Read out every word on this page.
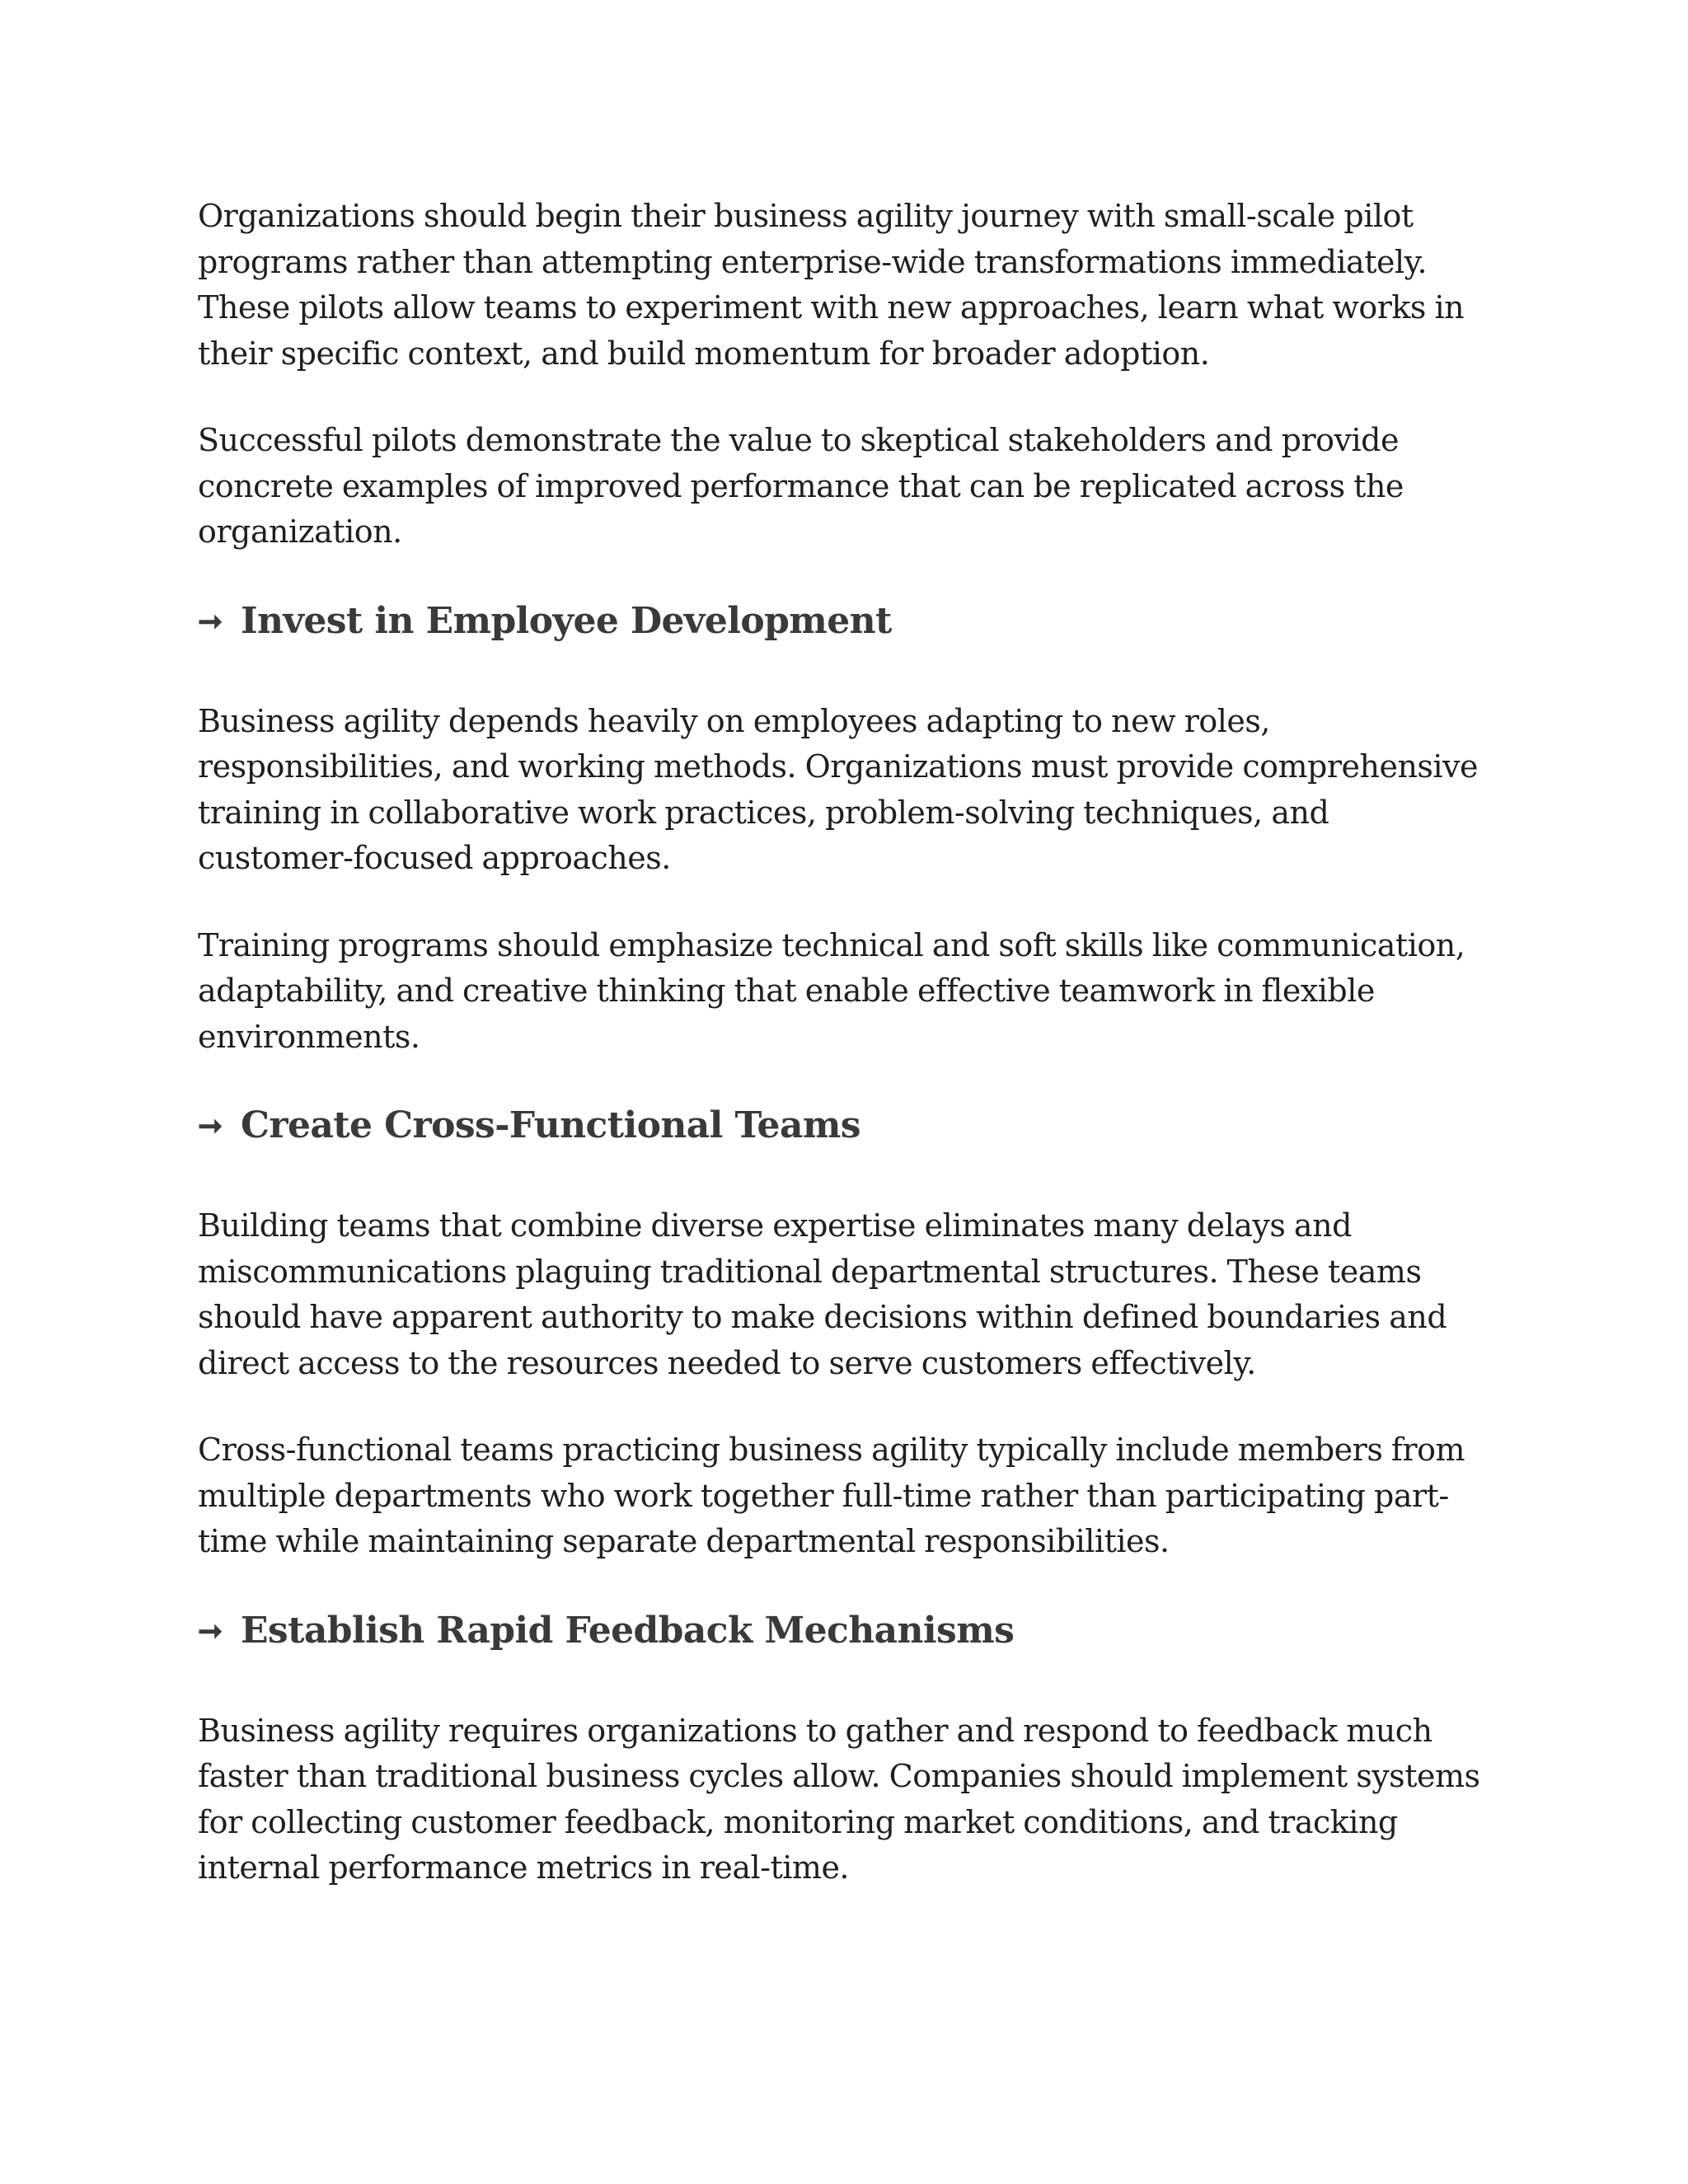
Organizations should begin their business agility journey with small-scale pilot programs rather than attempting enterprise-wide transformations immediately. These pilots allow teams to experiment with new approaches, learn what works in their specific context, and build momentum for broader adoption.

Successful pilots demonstrate the value to skeptical stakeholders and provide concrete examples of improved performance that can be replicated across the organization.

➞ Invest in Employee Development

Business agility depends heavily on employees adapting to new roles, responsibilities, and working methods. Organizations must provide comprehensive training in collaborative work practices, problem-solving techniques, and customer-focused approaches.

Training programs should emphasize technical and soft skills like communication, adaptability, and creative thinking that enable effective teamwork in flexible environments.

➞ Create Cross-Functional Teams

Building teams that combine diverse expertise eliminates many delays and miscommunications plaguing traditional departmental structures. These teams should have apparent authority to make decisions within defined boundaries and direct access to the resources needed to serve customers effectively.

Cross-functional teams practicing business agility typically include members from multiple departments who work together full-time rather than participating part-time while maintaining separate departmental responsibilities.

➞ Establish Rapid Feedback Mechanisms

Business agility requires organizations to gather and respond to feedback much faster than traditional business cycles allow. Companies should implement systems for collecting customer feedback, monitoring market conditions, and tracking internal performance metrics in real-time.
